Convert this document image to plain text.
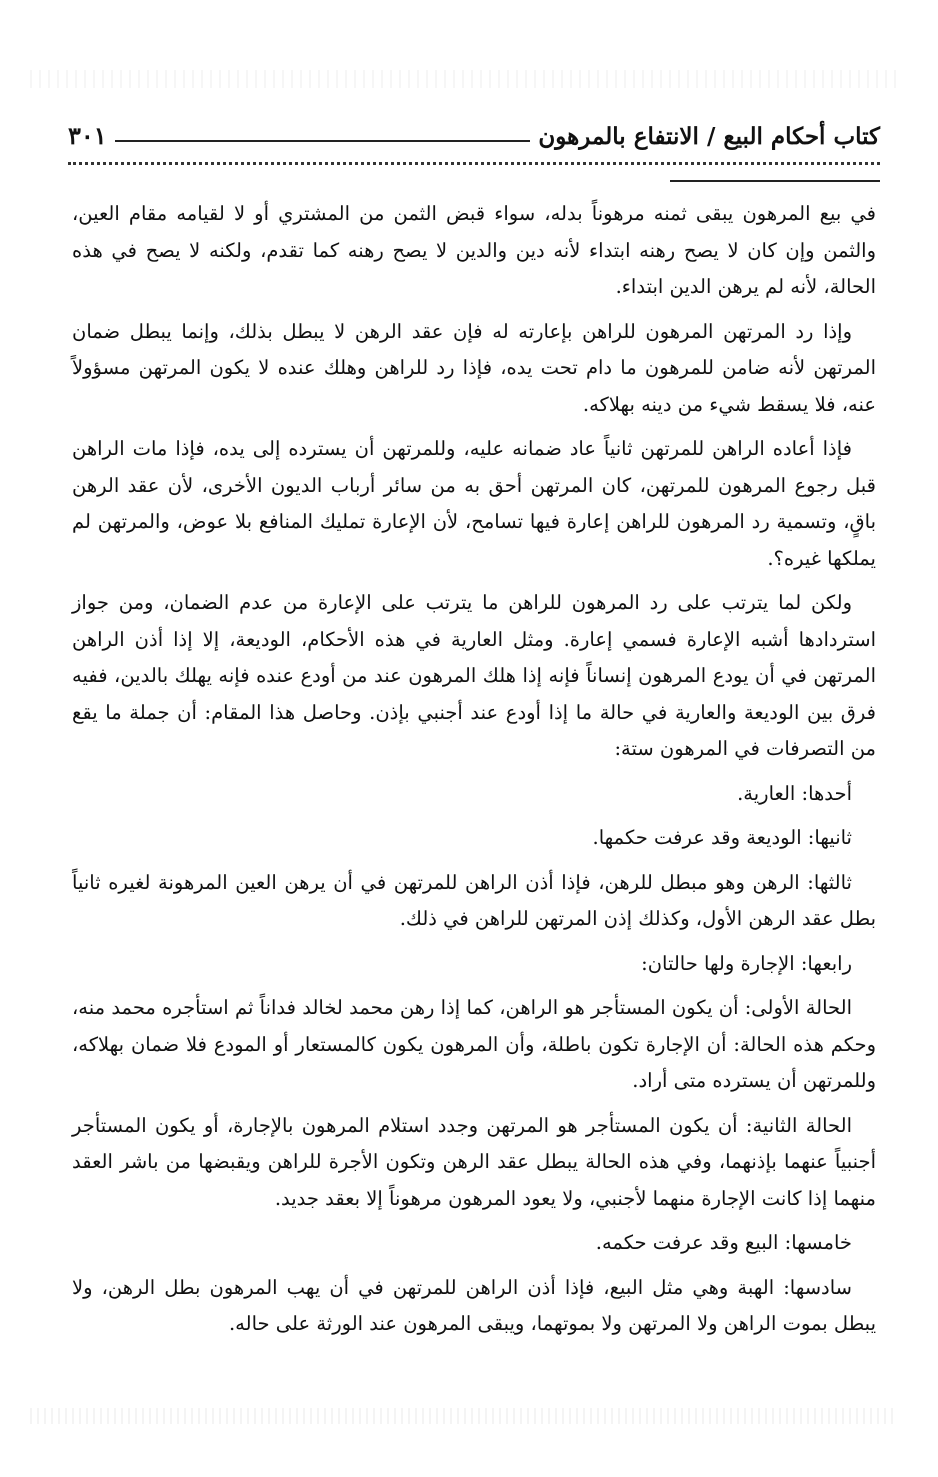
كتاب أحكام البيع / الانتفاع بالمرهون
٣٠١

في بيع المرهون يبقى ثمنه مرهوناً بدله، سواء قبض الثمن من المشتري أو لا لقيامه مقام العين، والثمن وإن كان لا يصح رهنه ابتداء لأنه دين والدين لا يصح رهنه كما تقدم، ولكنه لا يصح في هذه الحالة، لأنه لم يرهن الدين ابتداء.

وإذا رد المرتهن المرهون للراهن بإعارته له فإن عقد الرهن لا يبطل بذلك، وإنما يبطل ضمان المرتهن لأنه ضامن للمرهون ما دام تحت يده، فإذا رد للراهن وهلك عنده لا يكون المرتهن مسؤولاً عنه، فلا يسقط شيء من دينه بهلاكه.

فإذا أعاده الراهن للمرتهن ثانياً عاد ضمانه عليه، وللمرتهن أن يسترده إلى يده، فإذا مات الراهن قبل رجوع المرهون للمرتهن، كان المرتهن أحق به من سائر أرباب الديون الأخرى، لأن عقد الرهن باقٍ، وتسمية رد المرهون للراهن إعارة فيها تسامح، لأن الإعارة تمليك المنافع بلا عوض، والمرتهن لم يملكها غيره؟.

ولكن لما يترتب على رد المرهون للراهن ما يترتب على الإعارة من عدم الضمان، ومن جواز استردادها أشبه الإعارة فسمي إعارة. ومثل العارية في هذه الأحكام، الوديعة، إلا إذا أذن الراهن المرتهن في أن يودع المرهون إنساناً فإنه إذا هلك المرهون عند من أودع عنده فإنه يهلك بالدين، ففيه فرق بين الوديعة والعارية في حالة ما إذا أودع عند أجنبي بإذن. وحاصل هذا المقام: أن جملة ما يقع من التصرفات في المرهون ستة:

أحدها: العارية.

ثانيها: الوديعة وقد عرفت حكمها.

ثالثها: الرهن وهو مبطل للرهن، فإذا أذن الراهن للمرتهن في أن يرهن العين المرهونة لغيره ثانياً بطل عقد الرهن الأول، وكذلك إذن المرتهن للراهن في ذلك.

رابعها: الإجارة ولها حالتان:

الحالة الأولى: أن يكون المستأجر هو الراهن، كما إذا رهن محمد لخالد فداناً ثم استأجره محمد منه، وحكم هذه الحالة: أن الإجارة تكون باطلة، وأن المرهون يكون كالمستعار أو المودع فلا ضمان بهلاكه، وللمرتهن أن يسترده متى أراد.

الحالة الثانية: أن يكون المستأجر هو المرتهن وجدد استلام المرهون بالإجارة، أو يكون المستأجر أجنبياً عنهما بإذنهما، وفي هذه الحالة يبطل عقد الرهن وتكون الأجرة للراهن ويقبضها من باشر العقد منهما إذا كانت الإجارة منهما لأجنبي، ولا يعود المرهون مرهوناً إلا بعقد جديد.

خامسها: البيع وقد عرفت حكمه.

سادسها: الهبة وهي مثل البيع، فإذا أذن الراهن للمرتهن في أن يهب المرهون بطل الرهن، ولا يبطل بموت الراهن ولا المرتهن ولا بموتهما، ويبقى المرهون عند الورثة على حاله.
